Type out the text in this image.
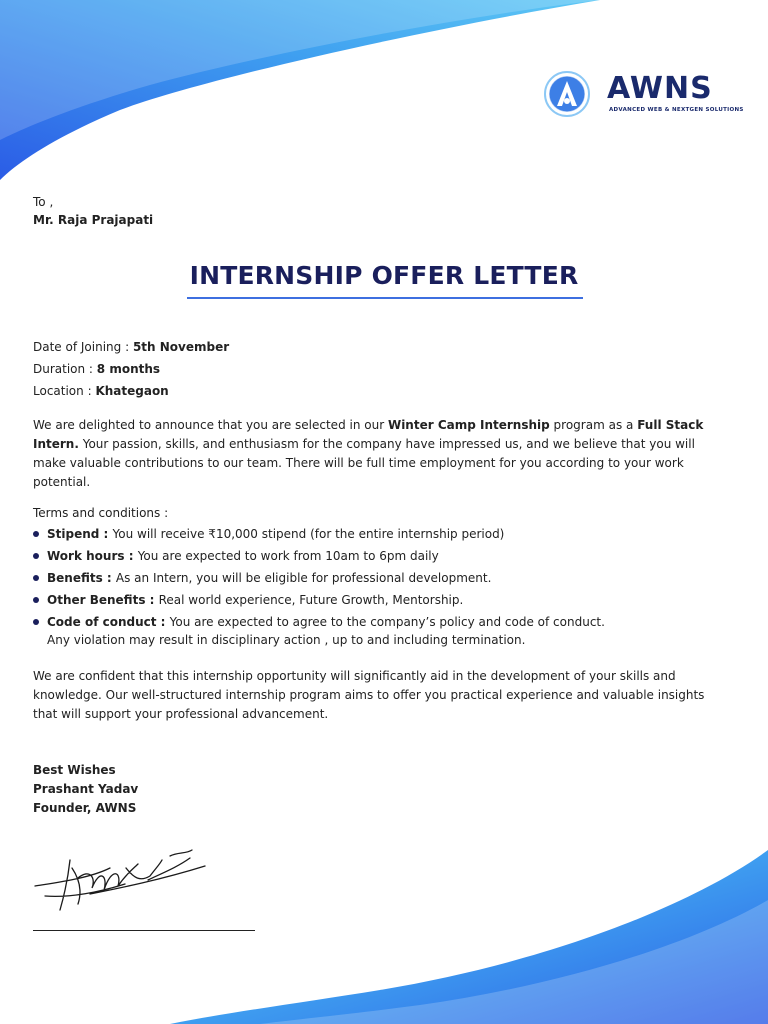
AWNS
ADVANCED WEB & NEXTGEN SOLUTIONS
To ,
Mr. Raja Prajapati
INTERNSHIP OFFER LETTER
Date of Joining : 5th November
Duration : 8 months
Location : Khategaon
We are delighted to announce that you are selected in our Winter Camp Internship program as a Full Stack Intern. Your passion, skills, and enthusiasm for the company have impressed us, and we believe that you will make valuable contributions to our team. There will be full time employment for you according to your work potential.
Terms and conditions :
Stipend : You will receive ₹10,000 stipend (for the entire internship period)
Work hours : You are expected to work from 10am to 6pm daily
Benefits : As an Intern, you will be eligible for professional development.
Other Benefits : Real world experience, Future Growth, Mentorship.
Code of conduct : You are expected to agree to the company’s policy and code of conduct. Any violation may result in disciplinary action , up to and including termination.
We are confident that this internship opportunity will significantly aid in the development of your skills and knowledge. Our well-structured internship program aims to offer you practical experience and valuable insights that will support your professional advancement.
Best Wishes
Prashant Yadav
Founder, AWNS
